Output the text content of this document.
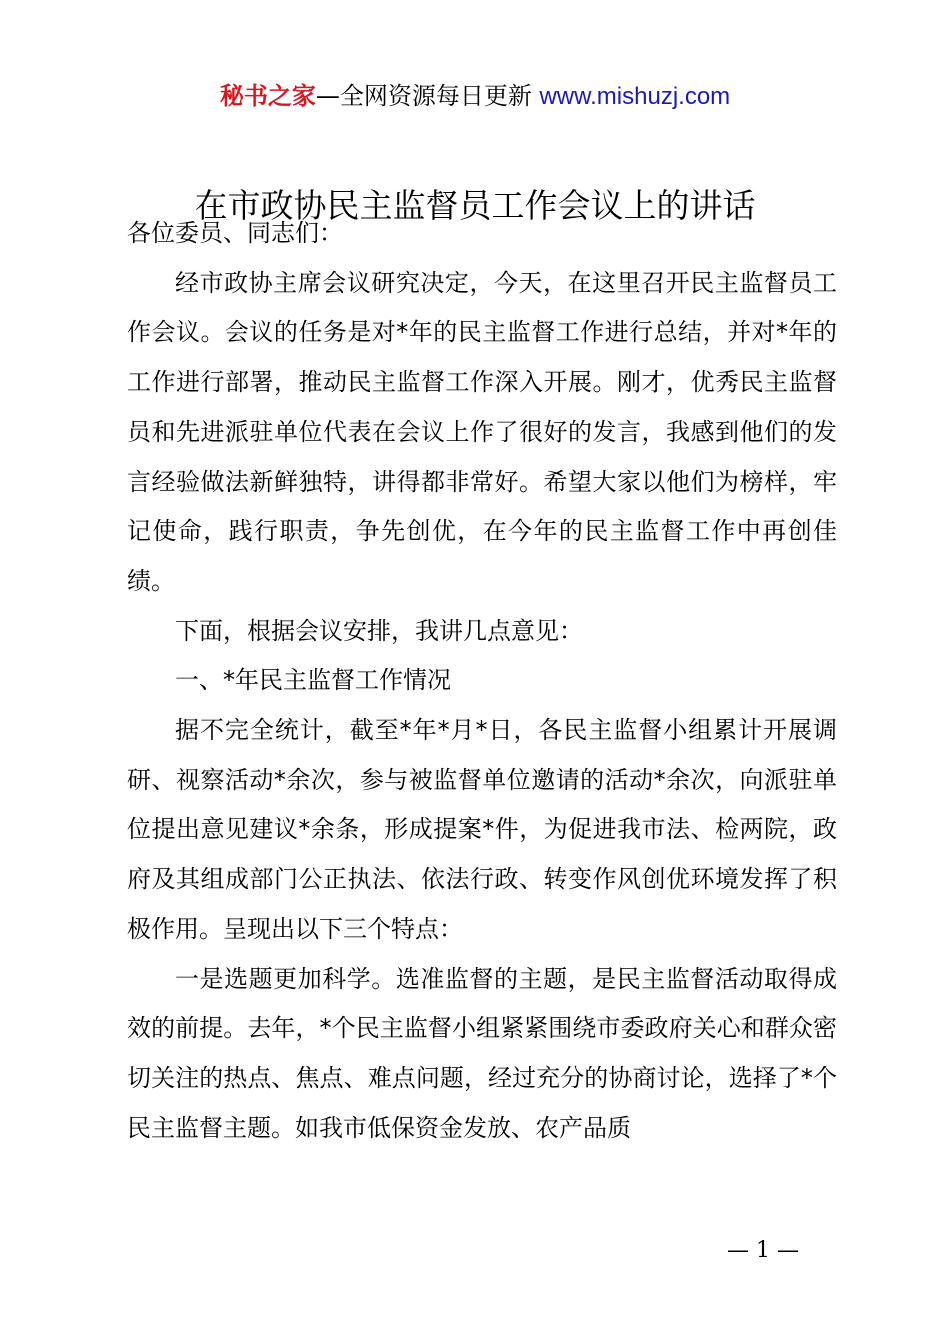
秘书之家—全网资源每日更新 www.mishuzj.com
在市政协民主监督员工作会议上的讲话

各位委员、同志们：

经市政协主席会议研究决定，今天，在这里召开民主监督员工作会议。会议的任务是对*年的民主监督工作进行总结，并对*年的工作进行部署，推动民主监督工作深入开展。刚才，优秀民主监督员和先进派驻单位代表在会议上作了很好的发言，我感到他们的发言经验做法新鲜独特，讲得都非常好。希望大家以他们为榜样，牢记使命，践行职责，争先创优，在今年的民主监督工作中再创佳绩。

下面，根据会议安排，我讲几点意见：

一、*年民主监督工作情况

据不完全统计，截至*年*月*日，各民主监督小组累计开展调研、视察活动*余次，参与被监督单位邀请的活动*余次，向派驻单位提出意见建议*余条，形成提案*件，为促进我市法、检两院，政府及其组成部门公正执法、依法行政、转变作风创优环境发挥了积极作用。呈现出以下三个特点：

一是选题更加科学。选准监督的主题，是民主监督活动取得成效的前提。去年，*个民主监督小组紧紧围绕市委政府关心和群众密切关注的热点、焦点、难点问题，经过充分的协商讨论，选择了*个民主监督主题。如我市低保资金发放、农产品质

— 1 —
